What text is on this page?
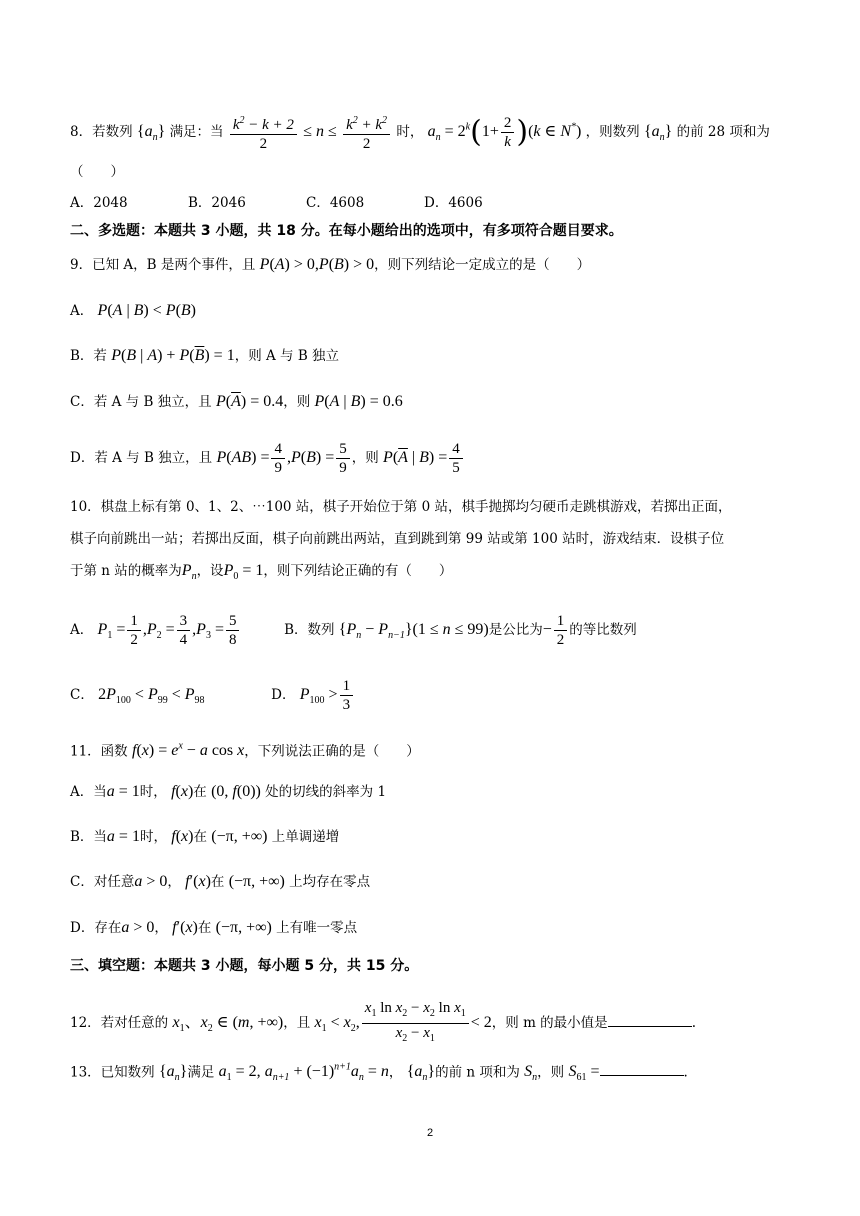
8．若数列 $\{a_n\}$ 满足：当 $\frac{k^2 - k + 2}{2} \le n \le \frac{k^2 + k^2}{2}$ 时， $a_n = 2^k(1+ \frac{2}{k} )(k$ ∈ N*) ，则数列 $\{a_n\}$ 的前 28 项和为
（　　）
A．2048	B．2046	C．4608	D．4606
二、多选题：本题共 3 小题，共 18 分。在每小题给出的选项中，有多项符合题目要求。
9．已知 A，B 是两个事件，且 P(A) > 0,P(B) > 0，则下列结论一定成立的是（　　）
A． P(A | B) < P(B)
B．若 P(B | $A) + P(\overline{B}) = 1$，则 A 与 B 独立
C．若 A 与 B 独立，且 $P(\overline{A}) = 0.4$，则 P(A | B) = 0.6
D．若 A 与 B 独立，且 $P(AB) = \frac{4}{9} ,P(B) = \frac{5}{9}$ ，则 $P(\overline{A}$ | $B) = \frac{4}{5}$
10．棋盘上标有第 0、1、2、⋯100 站，棋子开始位于第 0 站，棋手抛掷均匀硬币走跳棋游戏，若掷出正面，
棋子向前跳出一站；若掷出反面，棋子向前跳出两站，直到跳到第 99 站或第 100 站时，游戏结束．设棋子位
于第 n 站的概率为$P_n$，设$P_0 = 1$，则下列结论正确的有（　　）
A． $P_1 = \frac{1}{2} ,P_2 = \frac{3}{4} ,P_3 = \frac{5}{8}$	B．数列 $\{P_n - P_{n-1}\}(1 \le n \le 99)$是公比为− $\frac{1}{2}$ 的等比数列
C． $2P_{100} < P_{99} < P_{98}$	D． $P_{100} > \frac{1}{3}$
11．函数 $f(x) = e^x - a$ cos x，下列说法正确的是（　　）
A．当a = 1时， f(x)在 (0, f(0)) 处的切线的斜率为 1
B．当a = 1时， f(x)在 (−π, +∞) 上单调递增
C．对任意a > 0， f′(x)在 (−π, +∞) 上均存在零点
D．存在a > 0， f′(x)在 (−π, +∞) 上有唯一零点
三、填空题：本题共 3 小题，每小题 5 分，共 15 分。
12．若对任意的 $x_1$、$x_2$ ∈ (m, +∞)，且 $x_1 < x_2$, $\frac{x_1 \ln x_2 - x_2 \ln x_1}{x_2 - x_1} < 2$，则 m 的最小值是	.
13．已知数列 $\{a_n\}$满足 $a_1 = 2$, $a_{n+1} + (-1)^{n+1}a_n = n$， $\{a_n\}$的前 n 项和为 $S_n$，则 $S_{61}$ =	.
2
